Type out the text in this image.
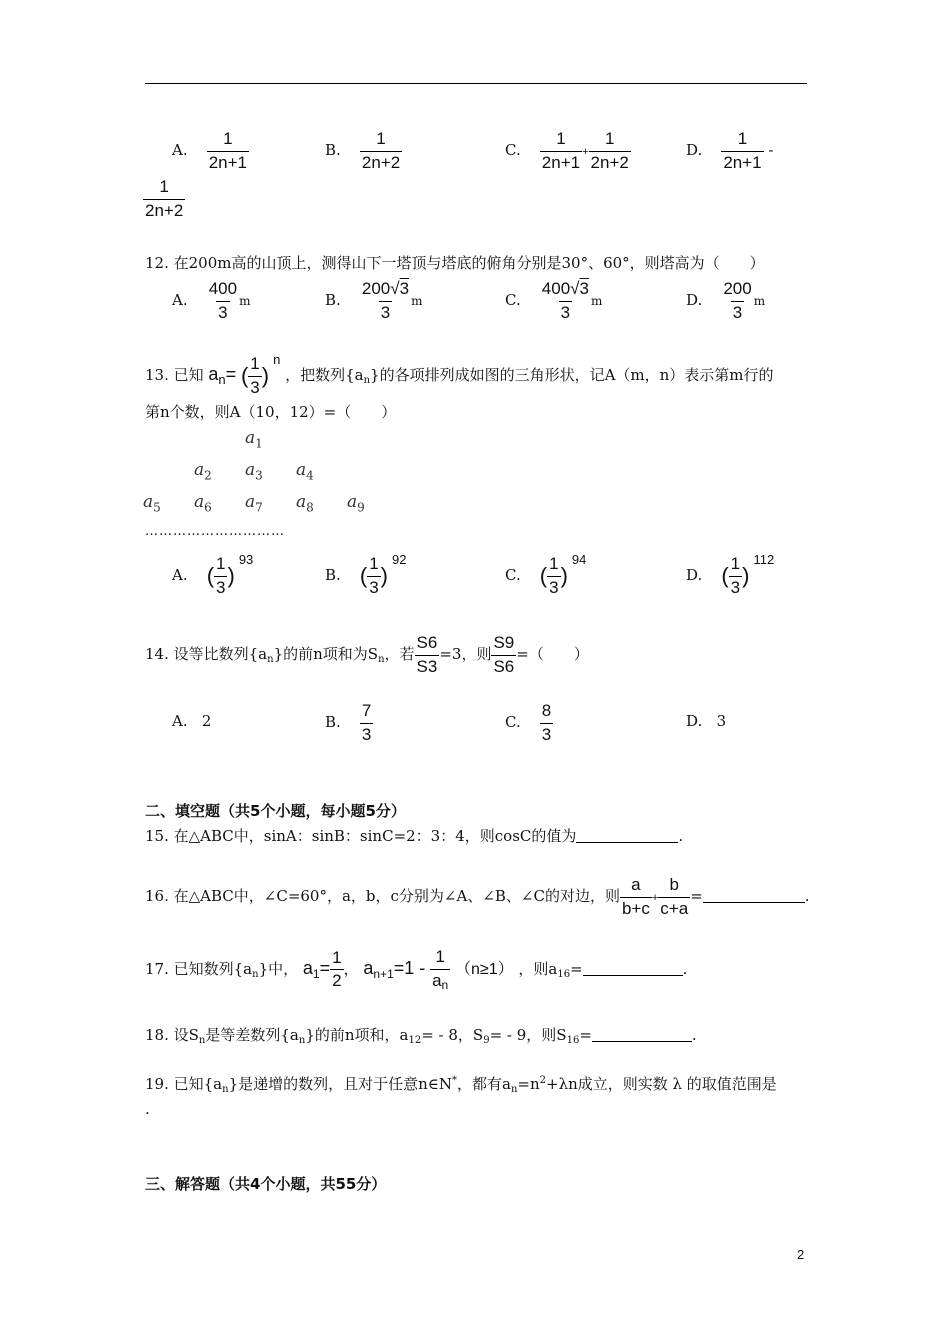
A. $\frac{1}{2n+1}$	B. $\frac{1}{2n+2}$	C. $\frac{1}{2n+1} + \frac{1}{2n+2}$	D. $\frac{1}{2n+1}$ -
$\frac{1}{2n+2}$
12. 在200m高的山顶上，测得山下一塔顶与塔底的俯角分别是30°、60°，则塔高为（　　）
A. $\frac{400}{3}$ m	B. $\frac{200√3}{3}$ m	C. $\frac{400√3}{3}$ m	D. $\frac{200}{3}$ m
13. 已知 $a_n=$ ( $\frac{1}{3} )n$ ，把数列$\{a_n\}$的各项排列成如图的三角形状，记A（m，n）表示第m行的
第n个数，则A（10，12）=（　　）
$a_1$
$a_2$ $a_3$ $a_4$
$a_5$ $a_6$ $a_7$ $a_8$ $a_9$
…………………………
A. ( $\frac{1}{3} )93$
B. ( $\frac{1}{3} )92$
C. ( $\frac{1}{3} )94$
D. ( $\frac{1}{3} )112$
14. 设等比数列$\{a_n\}$的前n项和为$S_n$，若 $\frac{S6}{S3} =3$，则 $\frac{S9}{S6}$ =（　　）
A. 2	B. $\frac{7}{3}$	C. $\frac{8}{3}$	D. 3
二、填空题（共5个小题，每小题5分）
15. 在△ABC中，sinA：sinB：sinC=2：3：4，则cosC的值为	.
16. 在△ABC中，∠C=60°，a，b，c分别为∠A、∠B、∠C的对边，则 $\frac{a}{b+c} + \frac{b}{c+a}$ =	.
17. 已知数列$\{a_n\}$中， $a_1= \frac{1}{2}$ ， $a_{n+1}=1 - \frac{1}{an} (n\ge 1)$ ，则$a_{16}=$	.
18. 设$S_n$是等差数列$\{a_n\}$的前n项和，$a_{12}= - 8$，$S_9= - 9$，则$S_{16}=$	.
19. 已知$\{a_n\}$是递增的数列，且对于任意n∈N*，都有$a_n=n^2+\lambda n$成立，则实数 λ 的取值范围是
.
三、解答题（共4个小题，共55分）
2
